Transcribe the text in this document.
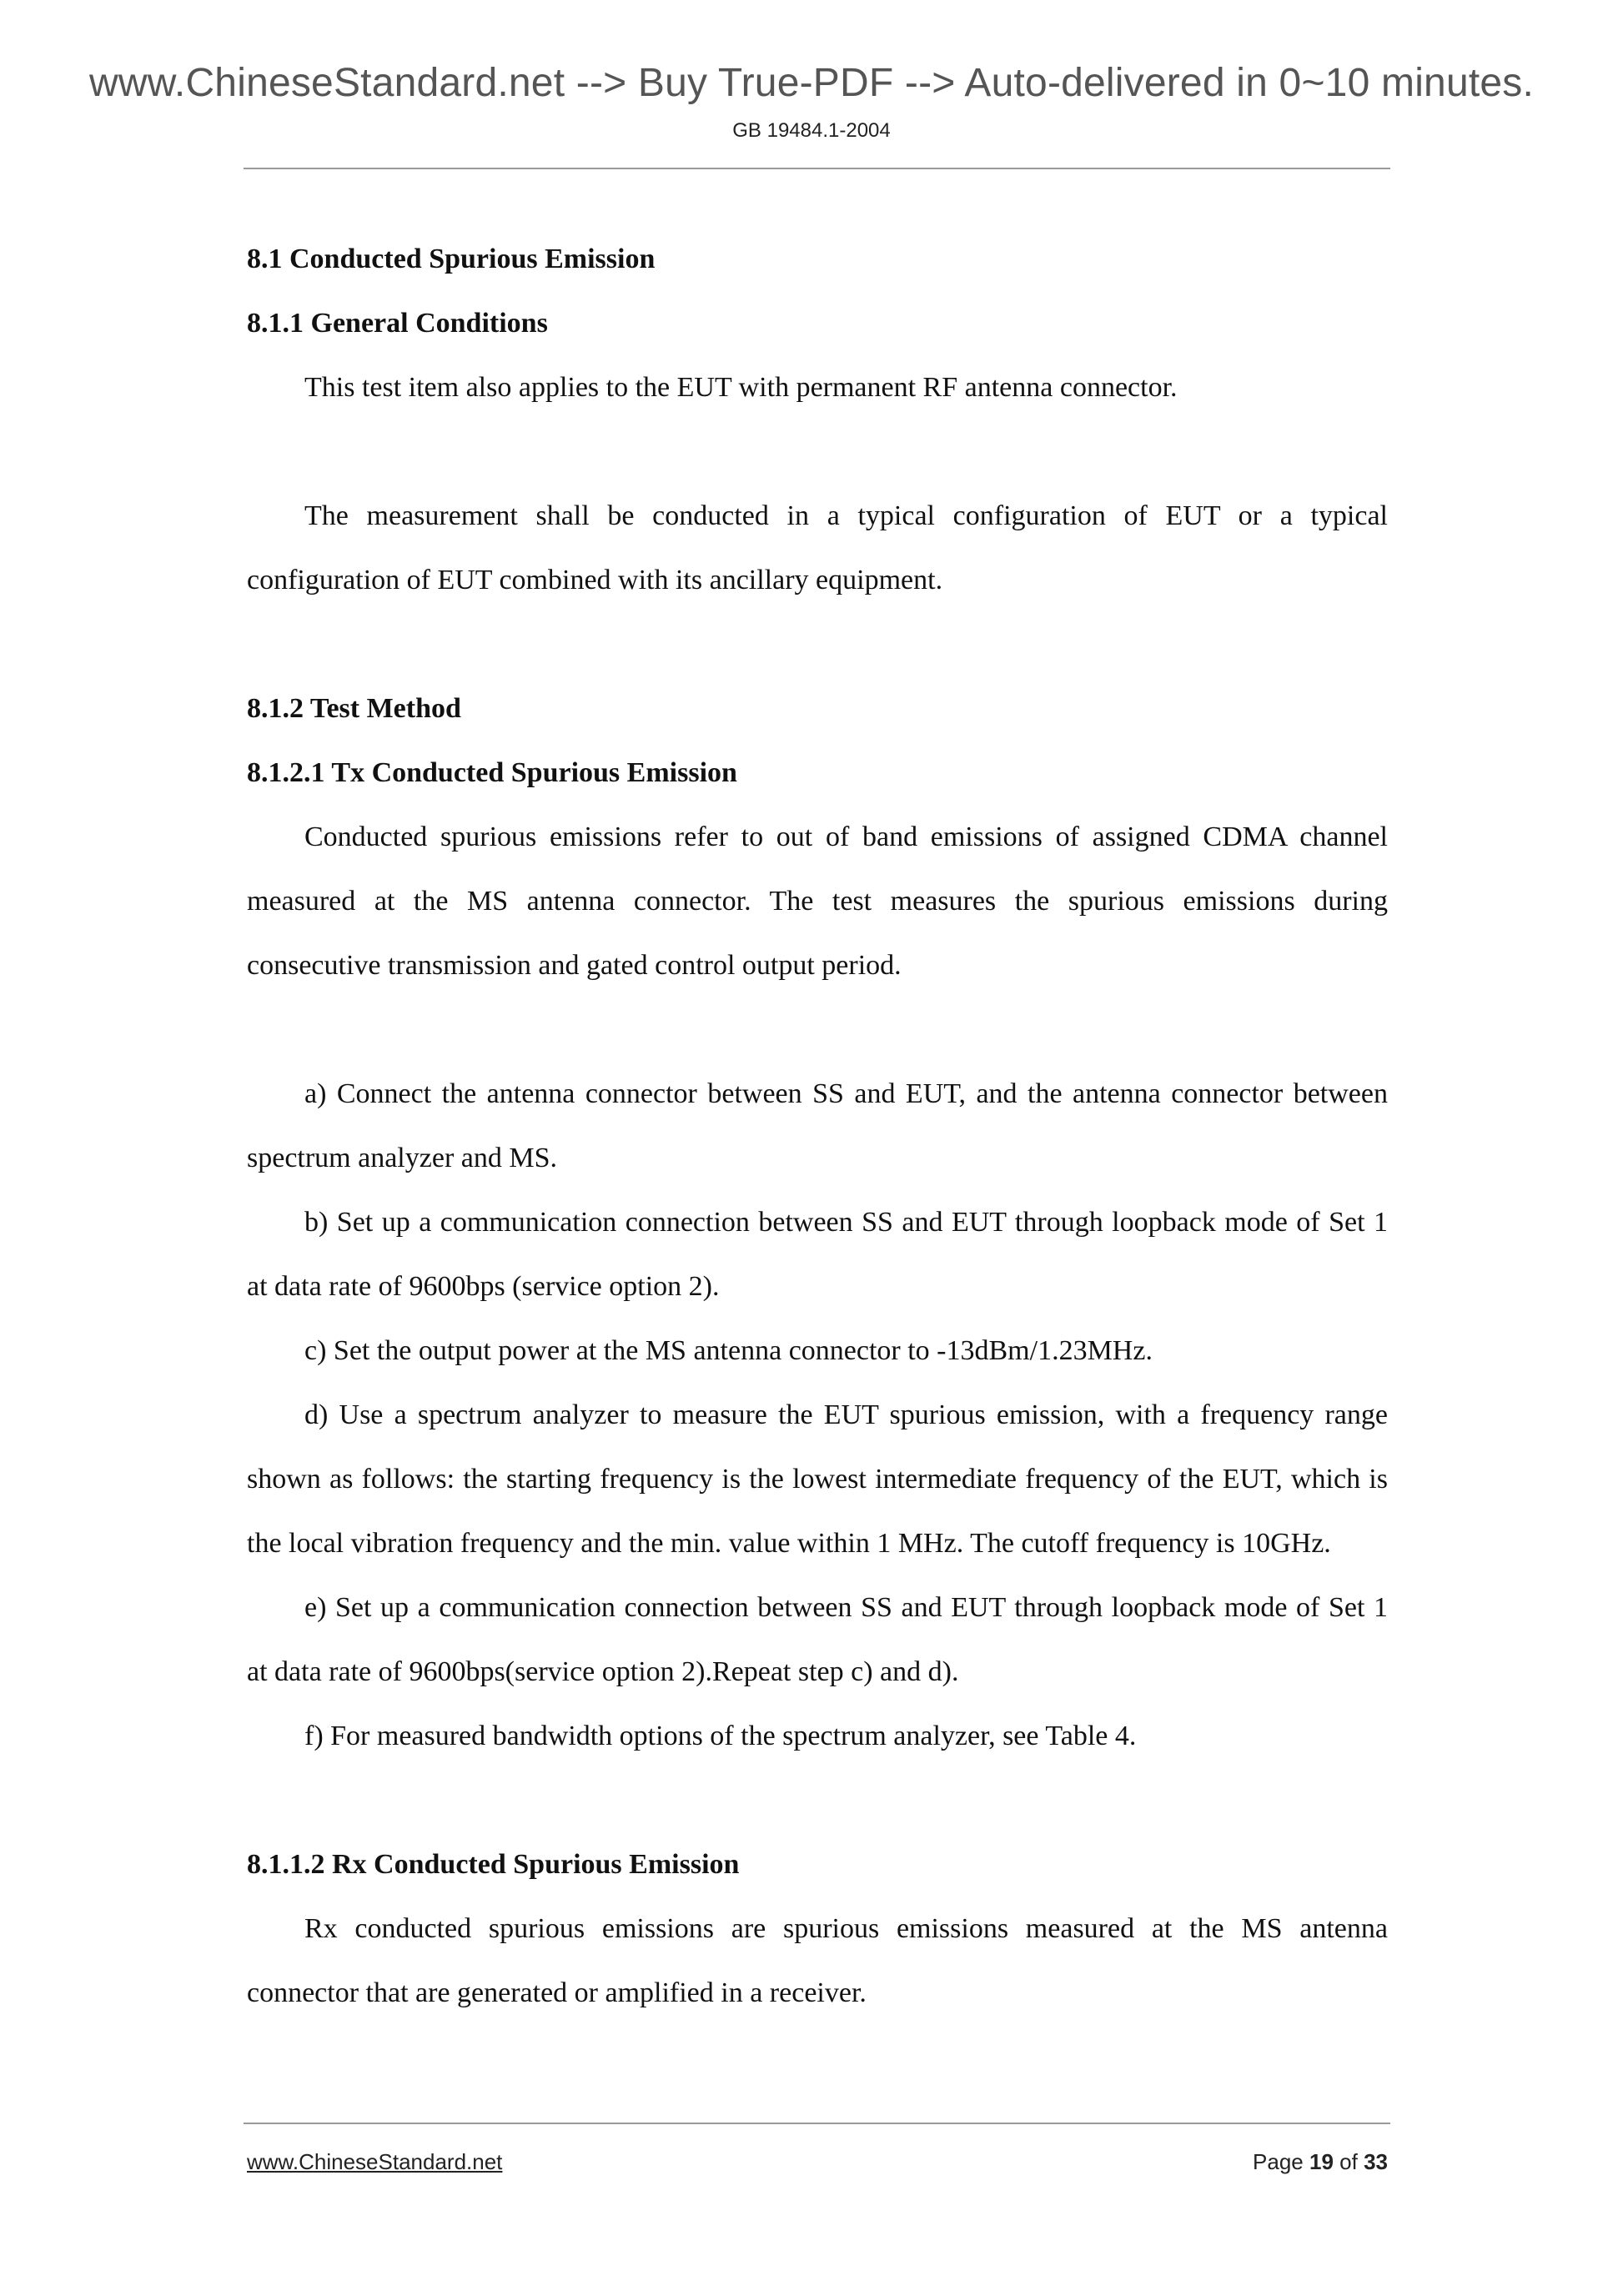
www.ChineseStandard.net --> Buy True-PDF --> Auto-delivered in 0~10 minutes.
GB 19484.1-2004

8.1 Conducted Spurious Emission

8.1.1 General Conditions

This test item also applies to the EUT with permanent RF antenna connector.

The measurement shall be conducted in a typical configuration of EUT or a typical configuration of EUT combined with its ancillary equipment.

8.1.2 Test Method

8.1.2.1 Tx Conducted Spurious Emission

Conducted spurious emissions refer to out of band emissions of assigned CDMA channel measured at the MS antenna connector. The test measures the spurious emissions during consecutive transmission and gated control output period.

a) Connect the antenna connector between SS and EUT, and the antenna connector between spectrum analyzer and MS.

b) Set up a communication connection between SS and EUT through loopback mode of Set 1 at data rate of 9600bps (service option 2).

c) Set the output power at the MS antenna connector to -13dBm/1.23MHz.

d) Use a spectrum analyzer to measure the EUT spurious emission, with a frequency range shown as follows: the starting frequency is the lowest intermediate frequency of the EUT, which is the local vibration frequency and the min. value within 1 MHz. The cutoff frequency is 10GHz.

e) Set up a communication connection between SS and EUT through loopback mode of Set 1 at data rate of 9600bps(service option 2).Repeat step c) and d).

f) For measured bandwidth options of the spectrum analyzer, see Table 4.

8.1.1.2 Rx Conducted Spurious Emission

Rx conducted spurious emissions are spurious emissions measured at the MS antenna connector that are generated or amplified in a receiver.

www.ChineseStandard.net	Page 19 of 33
